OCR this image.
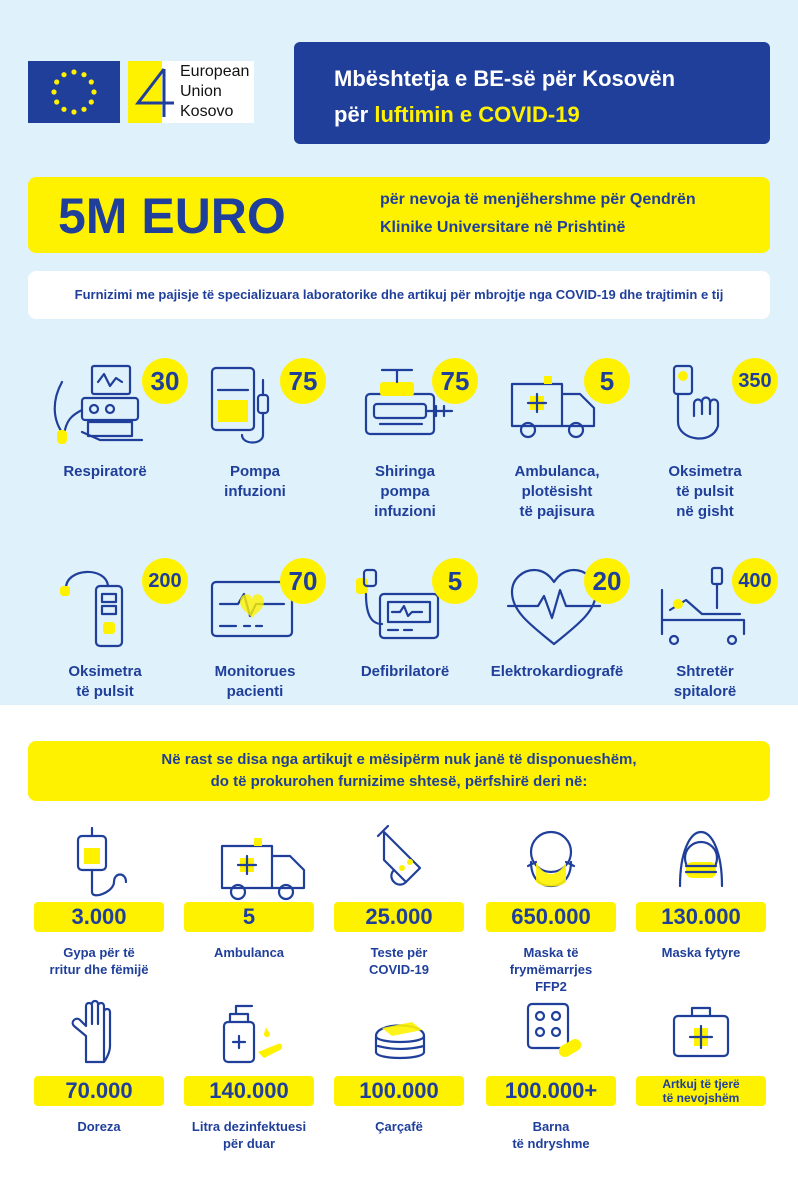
European
Union
Kosovo
Mbështetja e BE-së për Kosovën
për luftimin e COVID-19
5M EURO	për nevoja të menjëhershme për Qendrën
Klinike Universitare në Prishtinë
Furnizimi me pajisje të specializuara laboratorike dhe artikuj për mbrojtje nga COVID-19 dhe trajtimin e tij
30
Respiratorë
75
Pompa
infuzioni
75
Shiringa
pompa
infuzioni
5
Ambulanca,
plotësisht
të pajisura
350
Oksimetra
të pulsit
në gisht
200
Oksimetra
të pulsit
70
Monitorues
pacienti
5
Defibrilatorë
20
Elektrokardiografë
400
Shtretër
spitalorë
Në rast se disa nga artikujt e mësipërm nuk janë të disponueshëm,
do të prokurohen furnizime shtesë, përfshirë deri në:
3.000
Gypa për të
rritur dhe fëmijë
5
Ambulanca
25.000
Teste për
COVID-19
650.000
Maska të
frymëmarrjes
FFP2
130.000
Maska fytyre
70.000
Doreza
140.000
Litra dezinfektuesi
për duar
100.000
Çarçafë
100.000+
Barna
të ndryshme
Artkuj të tjerë
të nevojshëm
